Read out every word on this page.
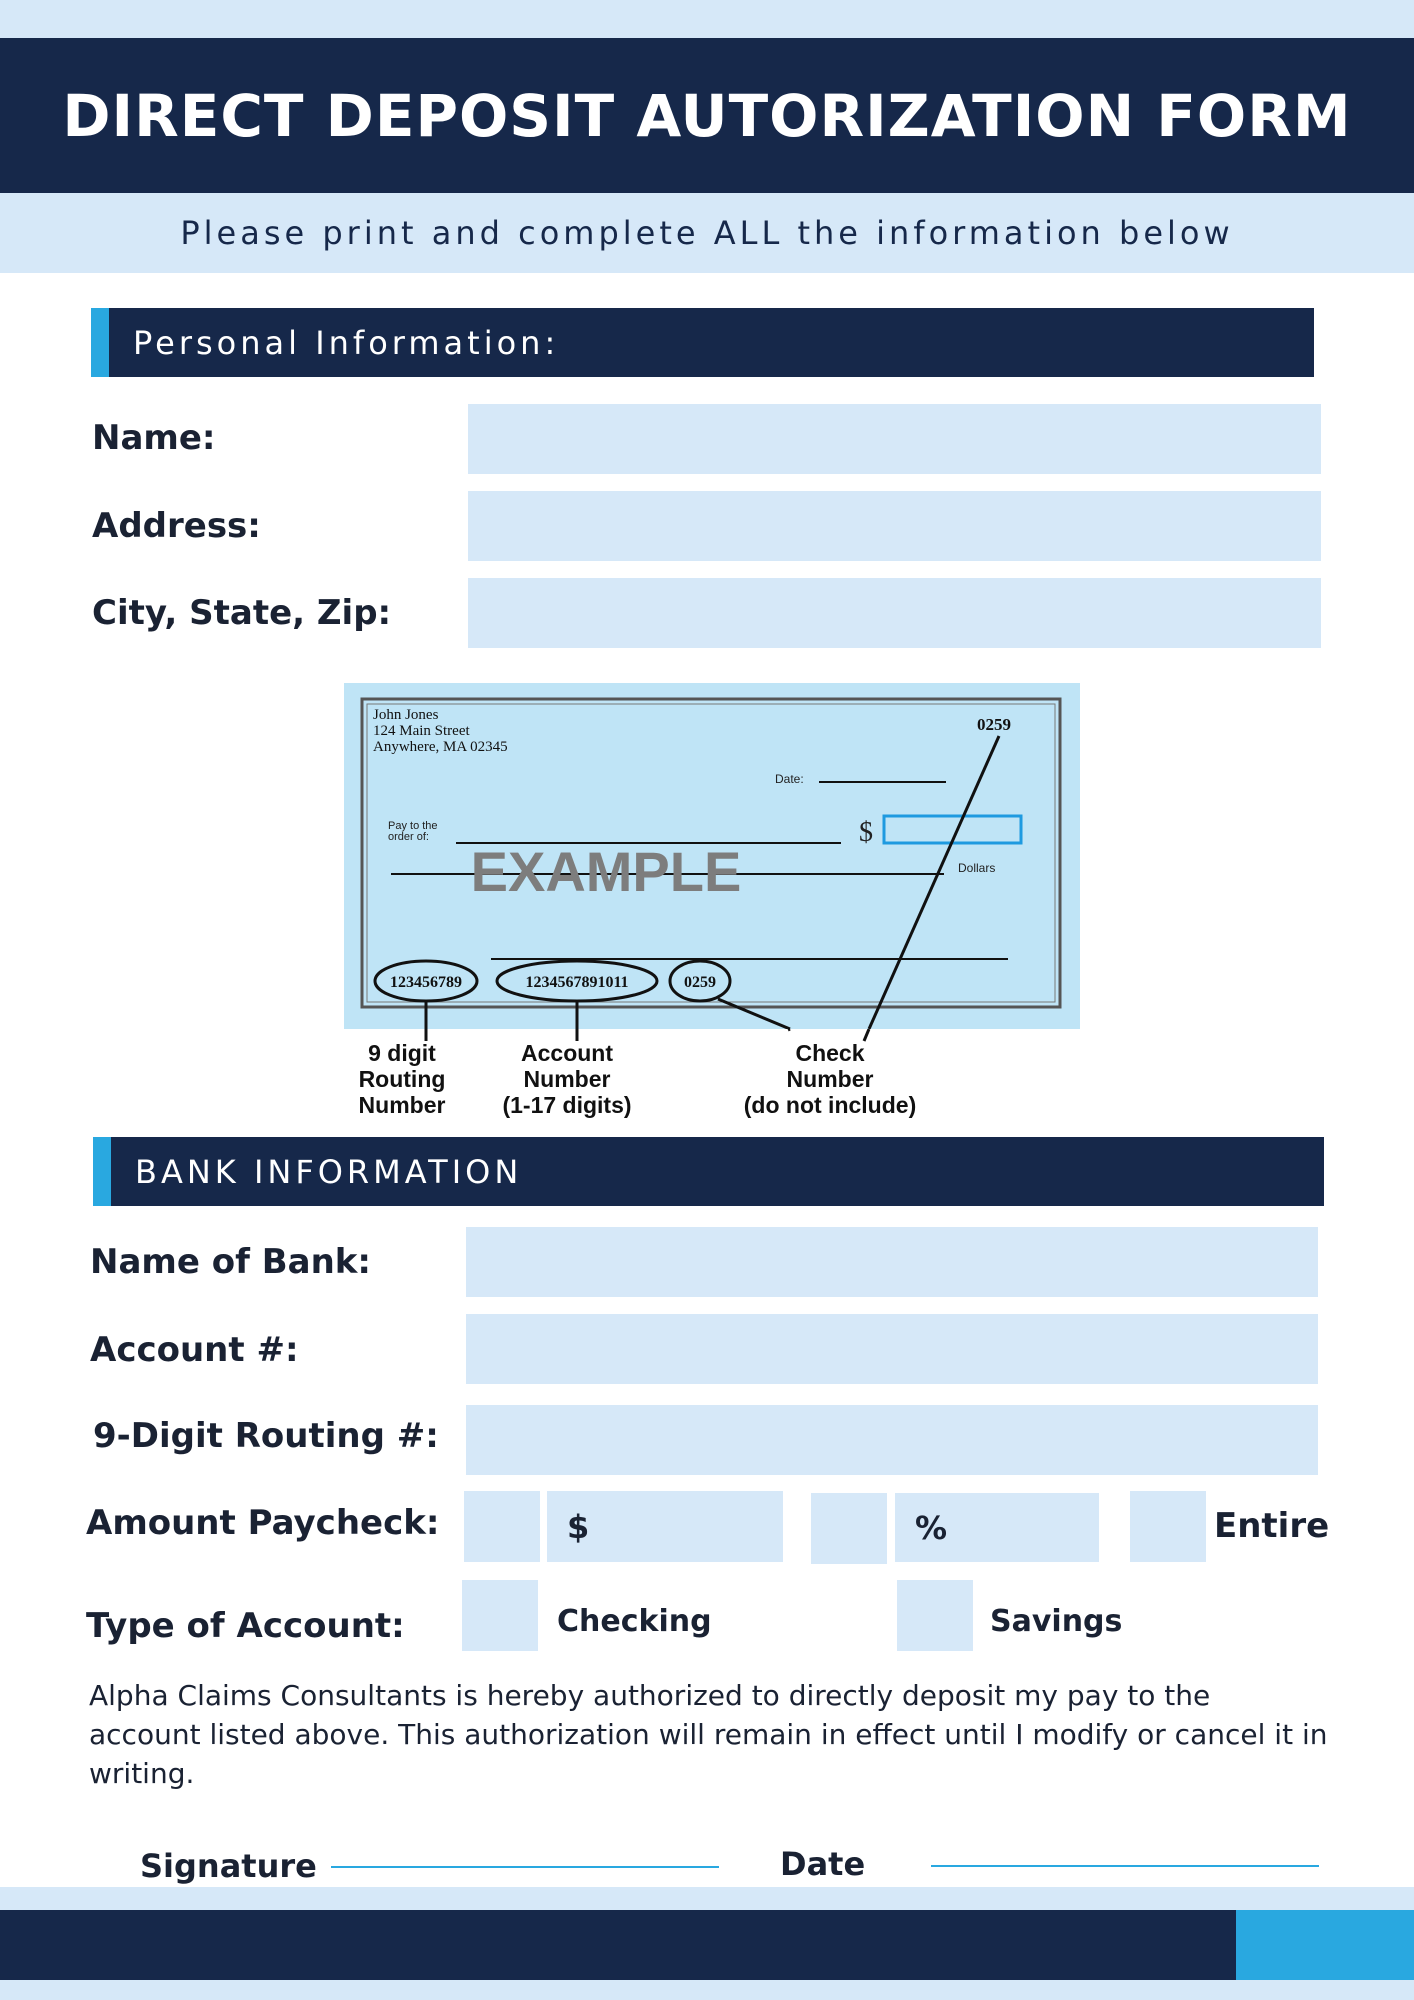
DIRECT DEPOSIT AUTORIZATION FORM
Please print and complete ALL the information below
Personal Information:
Name:
Address:
City, State, Zip:
John Jones
124 Main Street
Anywhere, MA 02345
0259
Date:
Pay to the
order of:	$
Dollars
EXAMPLE
123456789	1234567891011	0259
9 digit
Routing
Number
Account
Number
(1-17 digits)
Check
Number
(do not include)
BANK INFORMATION
Name of Bank:
Account #:
9-Digit Routing #:
Amount Paycheck:	$	%	Entire
Type of Account:	Checking	Savings
Alpha Claims Consultants is hereby authorized to directly deposit my pay to the account listed above. This authorization will remain in effect until I modify or cancel it in writing.
Signature	Date
